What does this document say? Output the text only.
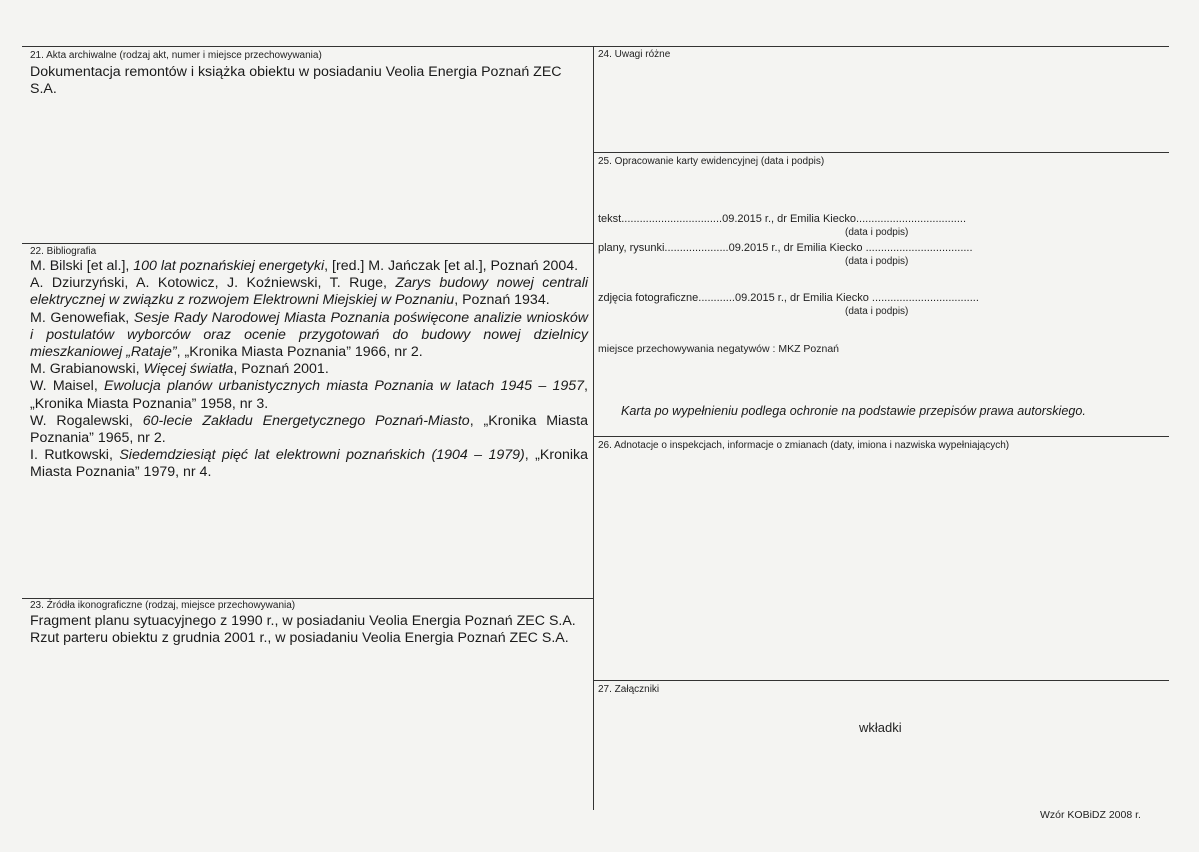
21. Akta archiwalne (rodzaj akt, numer i miejsce przechowywania)
Dokumentacja remontów i książka obiektu w posiadaniu Veolia Energia Poznań ZEC S.A.
22. Bibliografia

M. Bilski [et al.], 100 lat poznańskiej energetyki, [red.] M. Jańczak [et al.], Poznań 2004.

A. Dziurzyński, A. Kotowicz, J. Koźniewski, T. Ruge, Zarys budowy nowej centrali elektrycznej w związku z rozwojem Elektrowni Miejskiej w Poznaniu, Poznań 1934.

M. Genowefiak, Sesje Rady Narodowej Miasta Poznania poświęcone analizie wniosków i postulatów wyborców oraz ocenie przygotowań do budowy nowej dzielnicy mieszkaniowej „Rataje”, „Kronika Miasta Poznania” 1966, nr 2.

M. Grabianowski, Więcej światła, Poznań 2001.

W. Maisel, Ewolucja planów urbanistycznych miasta Poznania w latach 1945 – 1957, „Kronika Miasta Poznania” 1958, nr 3.

W. Rogalewski, 60-lecie Zakładu Energetycznego Poznań-Miasto, „Kronika Miasta Poznania” 1965, nr 2.

I. Rutkowski, Siedemdziesiąt pięć lat elektrowni poznańskich (1904 – 1979), „Kronika Miasta Poznania” 1979, nr 4.

23. Źródła ikonograficzne (rodzaj, miejsce przechowywania)

Fragment planu sytuacyjnego z 1990 r., w posiadaniu Veolia Energia Poznań ZEC S.A.

Rzut parteru obiektu z grudnia 2001 r., w posiadaniu Veolia Energia Poznań ZEC S.A.

24. Uwagi różne
25. Opracowanie karty ewidencyjnej (data i podpis)
tekst.................................09.2015 r., dr Emilia Kiecko....................................
(data i podpis)
plany, rysunki.....................09.2015 r., dr Emilia Kiecko ...................................
(data i podpis)
zdjęcia fotograficzne............09.2015 r., dr Emilia Kiecko ...................................
(data i podpis)
miejsce przechowywania negatywów : MKZ Poznań
Karta po wypełnieniu podlega ochronie na podstawie przepisów prawa autorskiego.
26. Adnotacje o inspekcjach, informacje o zmianach (daty, imiona i nazwiska wypełniających)
27. Załączniki
wkładki
Wzór KOBiDZ 2008 r.
